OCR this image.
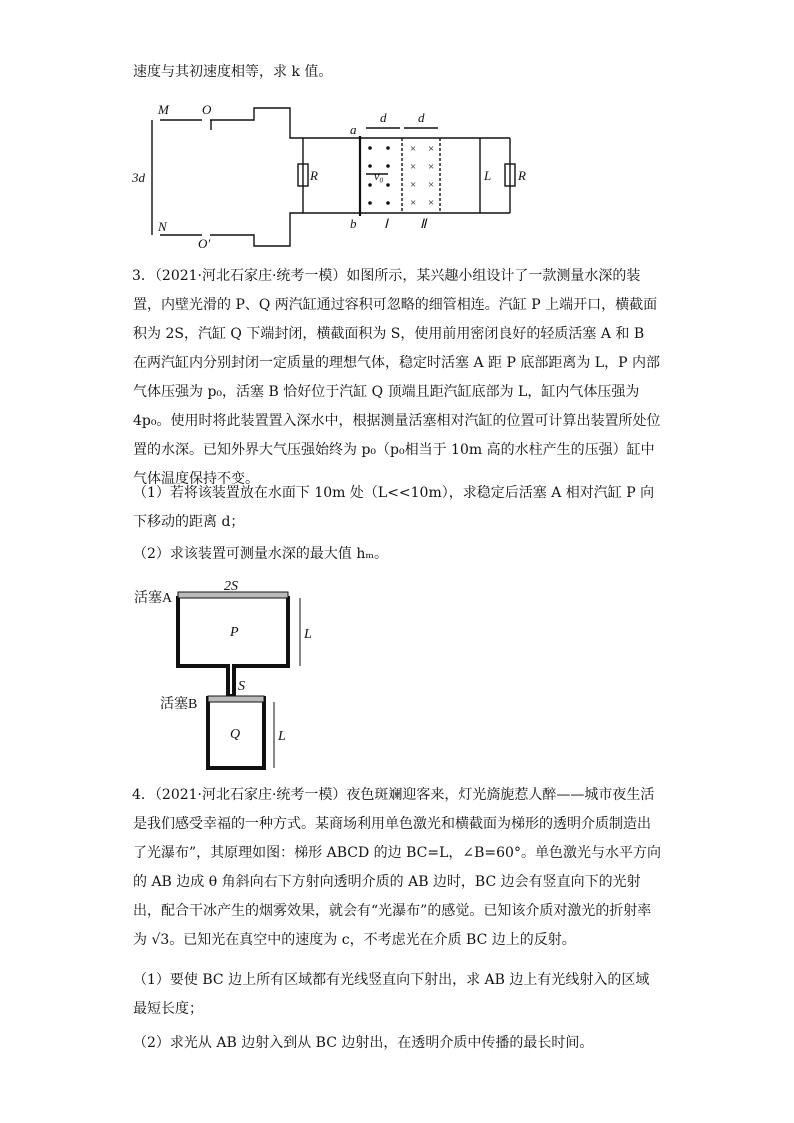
速度与其初速度相等，求 k 值。

× ×
× ×
× ×
× ×
M	O
N
O′
3d	R	R
a
b
d d
v₀
Ⅰ Ⅱ
L

3．（2021·河北石家庄·统考一模）如图所示，某兴趣小组设计了一款测量水深的装置，内壁光滑的 P、Q 两汽缸通过容积可忽略的细管相连。汽缸 P 上端开口，横截面积为 2S，汽缸 Q 下端封闭，横截面积为 S，使用前用密闭良好的轻质活塞 A 和 B 在两汽缸内分别封闭一定质量的理想气体，稳定时活塞 A 距 P 底部距离为 L，P 内部气体压强为 p₀，活塞 B 恰好位于汽缸 Q 顶端且距汽缸底部为 L，缸内气体压强为 4p₀。使用时将此装置置入深水中，根据测量活塞相对汽缸的位置可计算出装置所处位置的水深。已知外界大气压强始终为 p₀（p₀相当于 10m 高的水柱产生的压强）缸中气体温度保持不变。

（1）若将该装置放在水面下 10m 处（L<<10m），求稳定后活塞 A 相对汽缸 P 向下移动的距离 d；

（2）求该装置可测量水深的最大值 hₘ。

活塞A
2S
P	L
S
活塞B
Q	L

4．（2021·河北石家庄·统考一模）夜色斑斓迎客来，灯光旖旎惹人醉——城市夜生活是我们感受幸福的一种方式。某商场利用单色激光和横截面为梯形的透明介质制造出了光瀑布”，其原理如图：梯形 ABCD 的边 BC=L，∠B=60°。单色激光与水平方向的 AB 边成 θ 角斜向右下方射向透明介质的 AB 边时，BC 边会有竖直向下的光射出，配合干冰产生的烟雾效果，就会有“光瀑布”的感觉。已知该介质对激光的折射率为 √3。已知光在真空中的速度为 c，不考虑光在介质 BC 边上的反射。

（1）要使 BC 边上所有区域都有光线竖直向下射出，求 AB 边上有光线射入的区域最短长度；

（2）求光从 AB 边射入到从 BC 边射出，在透明介质中传播的最长时间。
